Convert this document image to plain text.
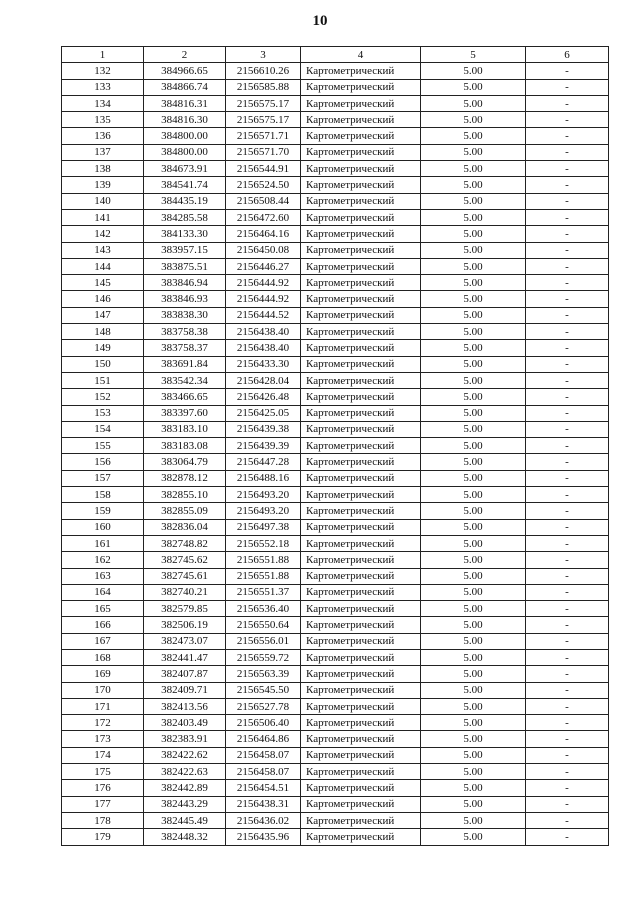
10
1	2	3	4	5	6
132	384966.65	2156610.26	Картометрический	5.00	-
133	384866.74	2156585.88	Картометрический	5.00	-
134	384816.31	2156575.17	Картометрический	5.00	-
135	384816.30	2156575.17	Картометрический	5.00	-
136	384800.00	2156571.71	Картометрический	5.00	-
137	384800.00	2156571.70	Картометрический	5.00	-
138	384673.91	2156544.91	Картометрический	5.00	-
139	384541.74	2156524.50	Картометрический	5.00	-
140	384435.19	2156508.44	Картометрический	5.00	-
141	384285.58	2156472.60	Картометрический	5.00	-
142	384133.30	2156464.16	Картометрический	5.00	-
143	383957.15	2156450.08	Картометрический	5.00	-
144	383875.51	2156446.27	Картометрический	5.00	-
145	383846.94	2156444.92	Картометрический	5.00	-
146	383846.93	2156444.92	Картометрический	5.00	-
147	383838.30	2156444.52	Картометрический	5.00	-
148	383758.38	2156438.40	Картометрический	5.00	-
149	383758.37	2156438.40	Картометрический	5.00	-
150	383691.84	2156433.30	Картометрический	5.00	-
151	383542.34	2156428.04	Картометрический	5.00	-
152	383466.65	2156426.48	Картометрический	5.00	-
153	383397.60	2156425.05	Картометрический	5.00	-
154	383183.10	2156439.38	Картометрический	5.00	-
155	383183.08	2156439.39	Картометрический	5.00	-
156	383064.79	2156447.28	Картометрический	5.00	-
157	382878.12	2156488.16	Картометрический	5.00	-
158	382855.10	2156493.20	Картометрический	5.00	-
159	382855.09	2156493.20	Картометрический	5.00	-
160	382836.04	2156497.38	Картометрический	5.00	-
161	382748.82	2156552.18	Картометрический	5.00	-
162	382745.62	2156551.88	Картометрический	5.00	-
163	382745.61	2156551.88	Картометрический	5.00	-
164	382740.21	2156551.37	Картометрический	5.00	-
165	382579.85	2156536.40	Картометрический	5.00	-
166	382506.19	2156550.64	Картометрический	5.00	-
167	382473.07	2156556.01	Картометрический	5.00	-
168	382441.47	2156559.72	Картометрический	5.00	-
169	382407.87	2156563.39	Картометрический	5.00	-
170	382409.71	2156545.50	Картометрический	5.00	-
171	382413.56	2156527.78	Картометрический	5.00	-
172	382403.49	2156506.40	Картометрический	5.00	-
173	382383.91	2156464.86	Картометрический	5.00	-
174	382422.62	2156458.07	Картометрический	5.00	-
175	382422.63	2156458.07	Картометрический	5.00	-
176	382442.89	2156454.51	Картометрический	5.00	-
177	382443.29	2156438.31	Картометрический	5.00	-
178	382445.49	2156436.02	Картометрический	5.00	-
179	382448.32	2156435.96	Картометрический	5.00	-
